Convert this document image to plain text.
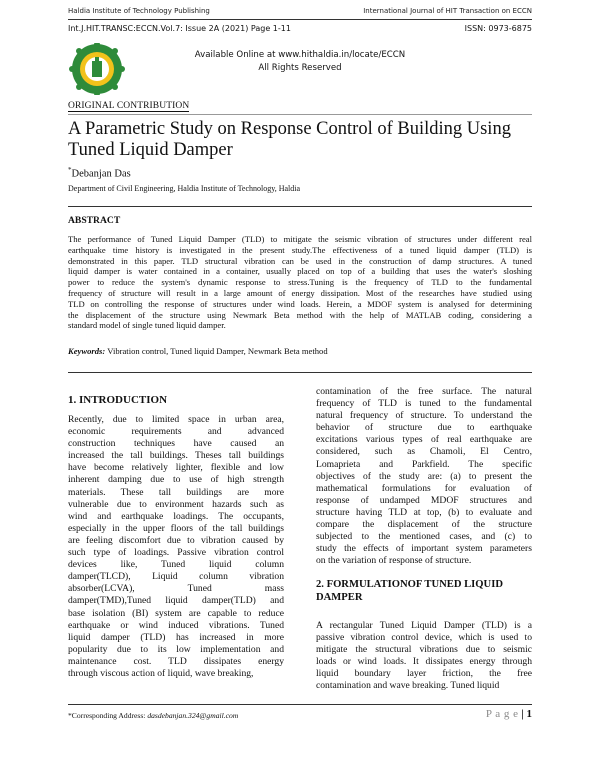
Haldia Institute of Technology Publishing	International Journal of HIT Transaction on ECCN
Int.J.HIT.TRANSC:ECCN.Vol.7: Issue 2A (2021) Page 1-11	ISSN: 0973-6875
Available Online at www.hithaldia.in/locate/ECCN
All Rights Reserved
ORIGINAL CONTRIBUTION
A Parametric Study on Response Control of Building Using
Tuned Liquid Damper
*Debanjan Das
Department of Civil Engineering, Haldia Institute of Technology, Haldia
ABSTRACT
The performance of Tuned Liquid Damper (TLD) to mitigate the seismic vibration of structures under different real
earthquake time history is investigated in the present study.The effectiveness of a tuned liquid damper (TLD) is
demonstrated in this paper. TLD structural vibration can be used in the construction of damp structures. A tuned
liquid damper is water contained in a container, usually placed on top of a building that uses the water's sloshing
power to reduce the system's dynamic response to stress.Tuning is the frequency of TLD to the fundamental
frequency of structure will result in a large amount of energy dissipation. Most of the researches have studied using
TLD on controlling the response of structures under wind loads. Herein, a MDOF system is analysed for determining
the displacement of the structure using Newmark Beta method with the help of MATLAB coding, considering a
standard model of single tuned liquid damper.
Keywords: Vibration control, Tuned liquid Damper, Newmark Beta method
1. INTRODUCTION
Recently, due to limited space in urban area,
economic requirements and advanced
construction techniques have caused an
increased the tall buildings. Theses tall buildings
have become relatively lighter, flexible and low
inherent damping due to use of high strength
materials. These tall buildings are more
vulnerable due to environment hazards such as
wind and earthquake loadings. The occupants,
especially in the upper floors of the tall buildings
are feeling discomfort due to vibration caused by
such type of loadings. Passive vibration control
devices like, Tuned liquid column
damper(TLCD), Liquid column vibration
absorber(LCVA), Tuned mass
damper(TMD),Tuned liquid damper(TLD) and
base isolation (BI) system are capable to reduce
earthquake or wind induced vibrations. Tuned
liquid damper (TLD) has increased in more
popularity due to its low implementation and
maintenance cost. TLD dissipates energy
through viscous action of liquid, wave breaking,
contamination of the free surface. The natural
frequency of TLD is tuned to the fundamental
natural frequency of structure. To understand the
behavior of structure due to earthquake
excitations various types of real earthquake are
considered, such as Chamoli, El Centro,
Lomaprieta and Parkfield. The specific
objectives of the study are: (a) to present the
mathematical formulations for evaluation of
response of undamped MDOF structures and
structure having TLD at top, (b) to evaluate and
compare the displacement of the structure
subjected to the mentioned cases, and (c) to
study the effects of important system parameters
on the variation of response of structure.
2. FORMULATIONOF TUNED LIQUID
DAMPER
A rectangular Tuned Liquid Damper (TLD) is a
passive vibration control device, which is used to
mitigate the structural vibrations due to seismic
loads or wind loads. It dissipates energy through
liquid boundary layer friction, the free
contamination and wave breaking. Tuned liquid
*Corresponding Address: dasdebanjan.324@gmail.com	P a g e | 1
